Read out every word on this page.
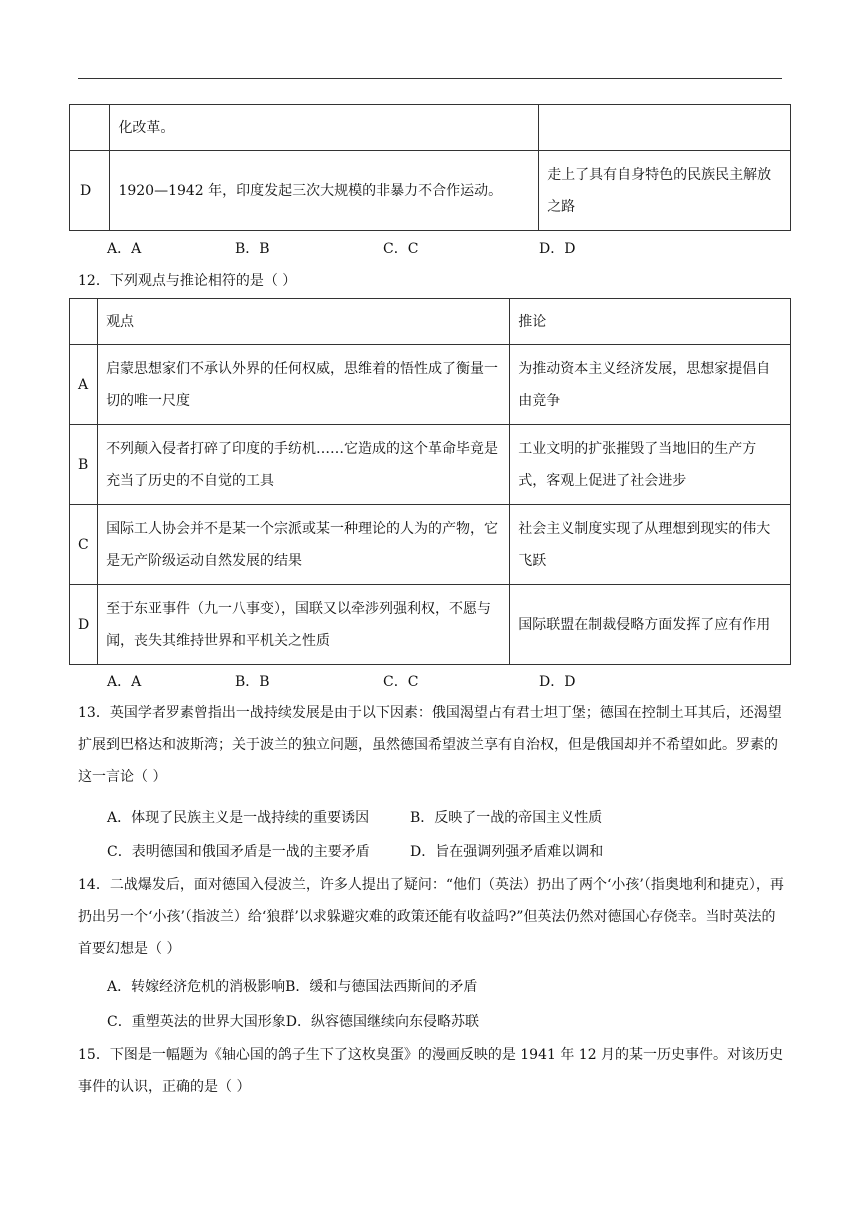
	化改革。	
D	1920—1942 年，印度发起三次大规模的非暴力不合作运动。	走上了具有自身特色的民族民主解放之路
A．A	B．B	C．C	D．D
12．下列观点与推论相符的是（ ）
	观点	推论
A	启蒙思想家们不承认外界的任何权威，思维着的悟性成了衡量一切的唯一尺度	为推动资本主义经济发展，思想家提倡自由竞争
B	不列颠入侵者打碎了印度的手纺机……它造成的这个革命毕竟是充当了历史的不自觉的工具	工业文明的扩张摧毁了当地旧的生产方式，客观上促进了社会进步
C	国际工人协会并不是某一个宗派或某一种理论的人为的产物，它是无产阶级运动自然发展的结果	社会主义制度实现了从理想到现实的伟大飞跃
D	至于东亚事件（九一八事变），国联又以牵涉列强利权，不愿与闻，丧失其维持世界和平机关之性质	国际联盟在制裁侵略方面发挥了应有作用
A．A	B．B	C．C	D．D
13．英国学者罗素曾指出一战持续发展是由于以下因素：俄国渴望占有君士坦丁堡；德国在控制土耳其后，还渴望扩展到巴格达和波斯湾；关于波兰的独立问题，虽然德国希望波兰享有自治权，但是俄国却并不希望如此。罗素的这一言论（ ）
A．体现了民族主义是一战持续的重要诱因	B．反映了一战的帝国主义性质
C．表明德国和俄国矛盾是一战的主要矛盾	D．旨在强调列强矛盾难以调和
14．二战爆发后，面对德国入侵波兰，许多人提出了疑问：“他们（英法）扔出了两个‘小孩’（指奥地利和捷克），再扔出另一个‘小孩’（指波兰）给‘狼群’以求躲避灾难的政策还能有收益吗?”但英法仍然对德国心存侥幸。当时英法的首要幻想是（ ）
A．转嫁经济危机的消极影响B．缓和与德国法西斯间的矛盾
C．重塑英法的世界大国形象D．纵容德国继续向东侵略苏联
15．下图是一幅题为《轴心国的鸽子生下了这枚臭蛋》的漫画反映的是 1941 年 12 月的某一历史事件。对该历史事件的认识，正确的是（ ）
